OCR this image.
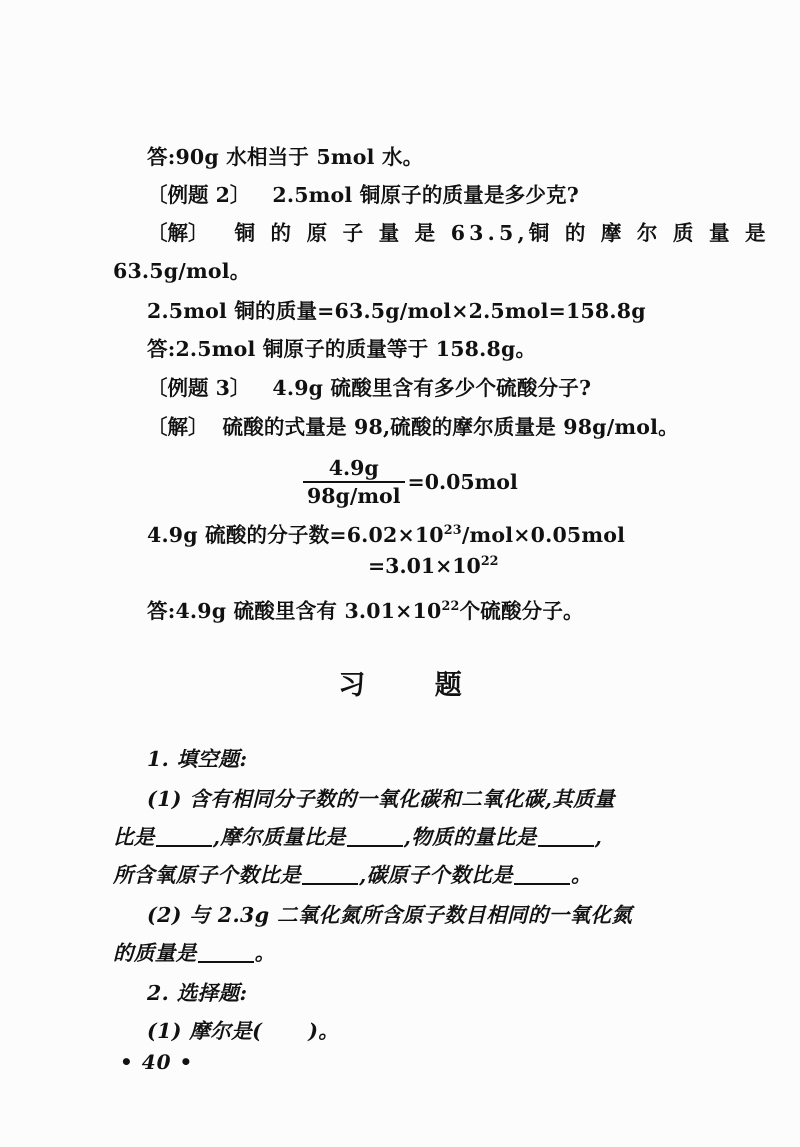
答:90g 水相当于 5mol 水。
〔例题 2〕 2.5mol 铜原子的质量是多少克?
〔解〕 铜 的 原 子 量 是 63.5,铜 的 摩 尔 质 量 是
63.5g/mol。
2.5mol 铜的质量=63.5g/mol×2.5mol=158.8g
答:2.5mol 铜原子的质量等于 158.8g。
〔例题 3〕 4.9g 硫酸里含有多少个硫酸分子?
〔解〕 硫酸的式量是 98,硫酸的摩尔质量是 98g/mol。
$\frac{4.9g}{\text{98g/mol}} =0.05mol$
4.9g 硫酸的分子数$=6.02\times 10^{23}/mol\times 0.05mol$
$=3.01\times 10^{22}$
答:4.9g 硫酸里含有 $3.01\times 10^{22}$个硫酸分子。
习 题
1. 填空题:
(1) 含有相同分子数的一氧化碳和二氧化碳,其质量
比是	,摩尔质量比是	,物质的量比是	,
所含氧原子个数比是	,碳原子个数比是	。
(2) 与 2.3g 二氧化氮所含原子数目相同的一氧化氮
的质量是	。
2. 选择题:
(1) 摩尔是( )。
• 40 •
